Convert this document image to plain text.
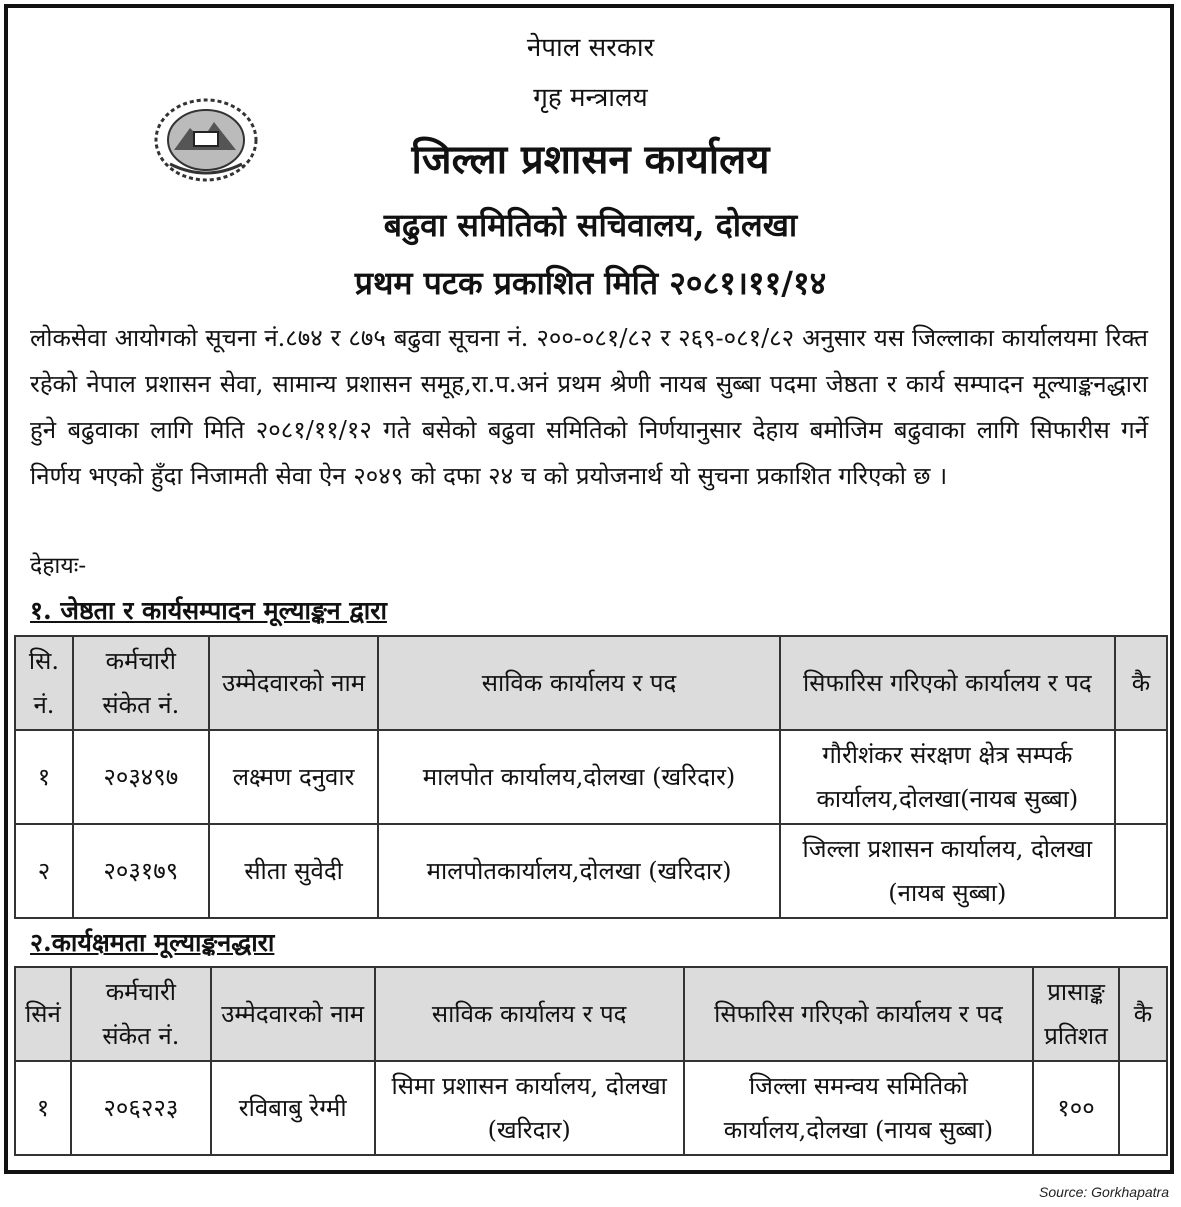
नेपाल सरकार
गृह मन्त्रालय
जिल्ला प्रशासन कार्यालय
बढुवा समितिको सचिवालय, दोलखा
प्रथम पटक प्रकाशित मिति २०८१।११/१४
लोकसेवा आयोगको सूचना नं.८७४ र ८७५ बढुवा सूचना नं. २००-०८१/८२ र २६९-०८१/८२ अनुसार यस जिल्लाका कार्यालयमा रिक्त रहेको नेपाल प्रशासन सेवा, सामान्य प्रशासन समूह,रा.प.अनं प्रथम श्रेणी नायब सुब्बा पदमा जेष्ठता र कार्य सम्पादन मूल्याङ्कनद्धारा हुने बढुवाका लागि मिति २०८१/११/१२ गते बसेको बढुवा समितिको निर्णयानुसार देहाय बमोजिम बढुवाका लागि सिफारीस गर्ने निर्णय भएको हुँदा निजामती सेवा ऐन २०४९ को दफा २४ च को प्रयोजनार्थ यो सुचना प्रकाशित गरिएको छ ।
देहायः-
१. जेष्ठता र कार्यसम्पादन मूल्याङ्कन द्वारा
सि. नं.	कर्मचारी संकेत नं.	उम्मेदवारको नाम	साविक कार्यालय र पद	सिफारिस गरिएको कार्यालय र पद	कै
१	२०३४९७	लक्ष्मण दनुवार	मालपोत कार्यालय,दोलखा (खरिदार)	गौरीशंकर संरक्षण क्षेत्र सम्पर्क कार्यालय,दोलखा(नायब सुब्बा)	
२	२०३१७९	सीता सुवेदी	मालपोतकार्यालय,दोलखा (खरिदार)	जिल्ला प्रशासन कार्यालय, दोलखा (नायब सुब्बा)	
२.कार्यक्षमता मूल्याङ्कनद्धारा
सिनं	कर्मचारी संकेत नं.	उम्मेदवारको नाम	साविक कार्यालय र पद	सिफारिस गरिएको कार्यालय र पद	प्रासाङ्क प्रतिशत	कै
१	२०६२२३	रविबाबु रेग्मी	सिमा प्रशासन कार्यालय, दोलखा (खरिदार)	जिल्ला समन्वय समितिको कार्यालय,दोलखा (नायब सुब्बा)	१००	
Source: Gorkhapatra
